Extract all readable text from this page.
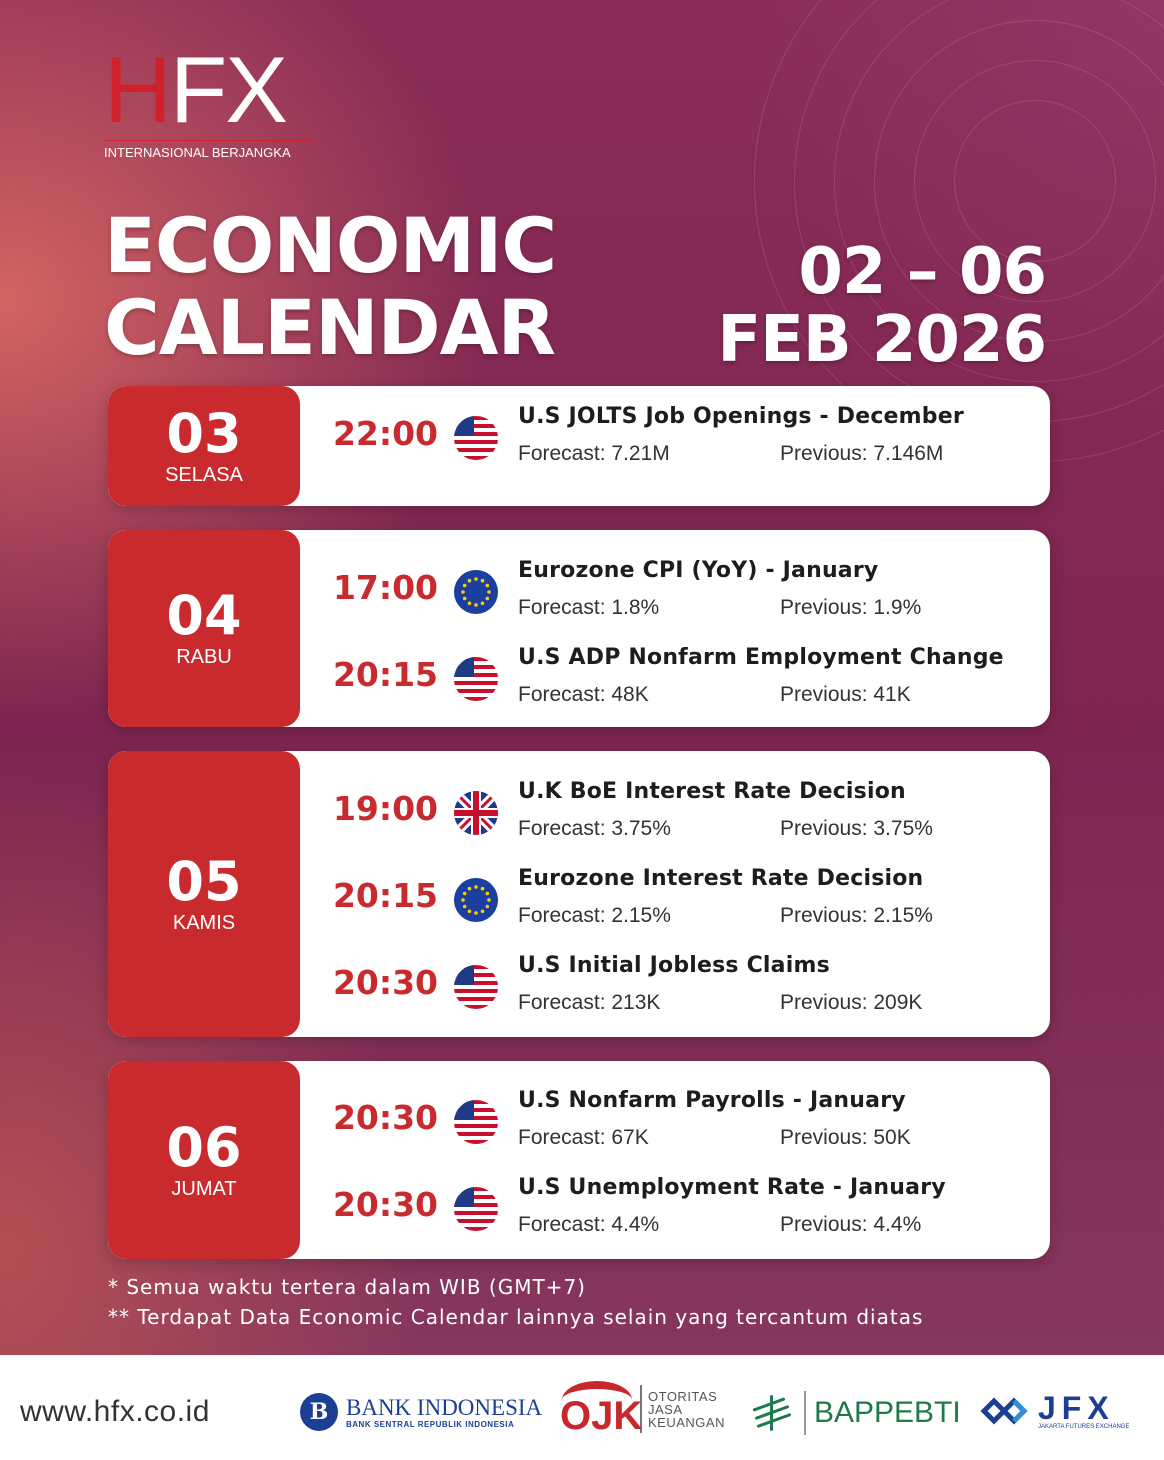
HFX
INTERNASIONAL BERJANGKA
ECONOMIC
CALENDAR
02 – 06
FEB 2026
03
SELASA
22:00	U.S JOLTS Job Openings - December
Forecast: 7.21M	Previous: 7.146M
04
RABU
17:00	Eurozone CPI (YoY) - January
Forecast: 1.8%	Previous: 1.9%
20:15	U.S ADP Nonfarm Employment Change
Forecast: 48K	Previous: 41K
05
KAMIS
19:00	U.K BoE Interest Rate Decision
Forecast: 3.75%	Previous: 3.75%
20:15	Eurozone Interest Rate Decision
Forecast: 2.15%	Previous: 2.15%
20:30	U.S Initial Jobless Claims
Forecast: 213K	Previous: 209K
06
JUMAT
20:30	U.S Nonfarm Payrolls - January
Forecast: 67K	Previous: 50K
20:30	U.S Unemployment Rate - January
Forecast: 4.4%	Previous: 4.4%
* Semua waktu tertera dalam WIB (GMT+7)
** Terdapat Data Economic Calendar lainnya selain yang tercantum diatas
www.hfx.co.id	B BANK INDONESIA
BANK SENTRAL REPUBLIK INDONESIA	OJK OTORITAS
JASA
KEUANGAN	BAPPEBTI JFX
JAKARTA FUTURES EXCHANGE
